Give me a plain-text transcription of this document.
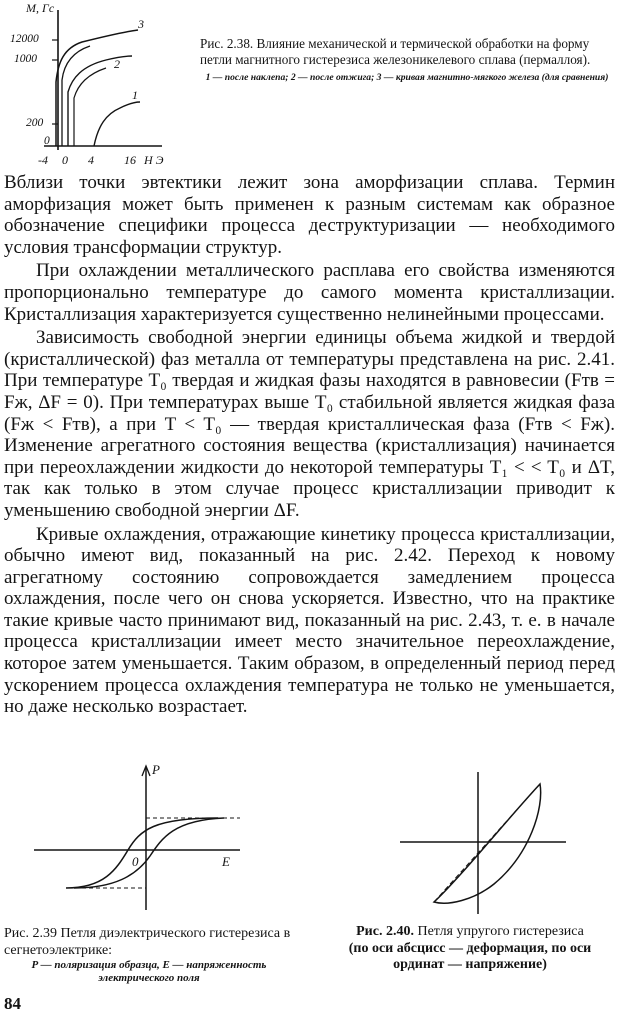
M, Гс
12000
1000
200
0
3
2
1
-4 0 4	16 Н Э
Рис. 2.38. Влияние механической и термической обработки на форму петли магнитного гистерезиса железоникелевого сплава (пермаллоя).
1 — после наклепа; 2 — после отжига; 3 — кривая магнитно-мягкого железа (для сравнения)

Вблизи точки эвтектики лежит зона аморфизации сплава. Термин аморфизация может быть применен к разным системам как образное обозначение специфики процесса деструктуризации — необходимого условия трансформации структур.

При охлаждении металлического расплава его свойства изменяются пропорционально температуре до самого момента кристаллизации. Кристаллизация характеризуется существенно нелинейными процессами.

Зависимость свободной энергии единицы объема жидкой и твердой (кристаллической) фаз металла от температуры представлена на рис. 2.41. При температуре T₀ твердая и жидкая фазы находятся в равновесии (Fтв = Fж, ΔF = 0). При температурах выше T₀ стабильной является жидкая фаза (Fж < Fтв), а при T < T₀ — твердая кристаллическая фаза (Fтв < Fж). Изменение агрегатного состояния вещества (кристаллизация) начинается при переохлаждении жидкости до некоторой температуры T₁ < < T₀ и ΔT, так как только в этом случае процесс кристаллизации приводит к уменьшению свободной энергии ΔF.

Кривые охлаждения, отражающие кинетику процесса кристаллизации, обычно имеют вид, показанный на рис. 2.42. Переход к новому агрегатному состоянию сопровождается замедлением процесса охлаждения, после чего он снова ускоряется. Известно, что на практике такие кривые часто принимают вид, показанный на рис. 2.43, т. е. в начале процесса кристаллизации имеет место значительное переохлаждение, которое затем уменьшается. Таким образом, в определенный период перед ускорением процесса охлаждения температура не только не уменьшается, но даже несколько возрастает.

P
E
0
Рис. 2.39 Петля диэлектрического гистерезиса в сегнетоэлектрике:
P — поляризация образца, E — напряженность электрического поля
Рис. 2.40. Петля упругого гистерезиса
(по оси абсцисс — деформация, по оси ординат — напряжение)
84
